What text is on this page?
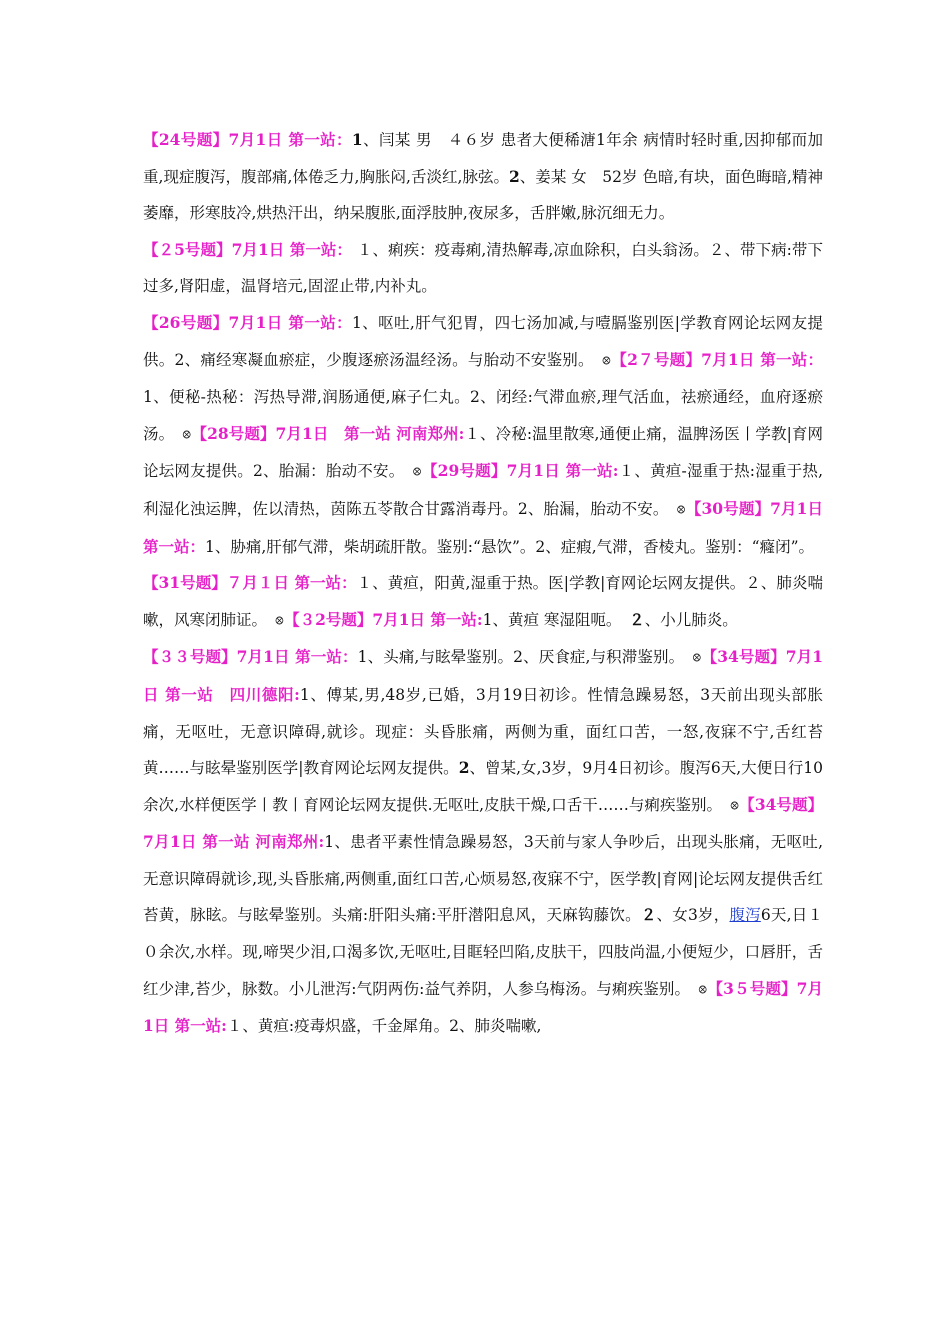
【24号题】7月1日 第一站：1、闫某 男　４６岁 患者大便稀溏1年余 病情时轻时重,因抑郁而加重,现症腹泻，腹部痛,体倦乏力,胸胀闷,舌淡红,脉弦。2、姜某 女　52岁 色暗,有块，面色晦暗,精神萎靡，形寒肢冷,烘热汗出，纳呆腹胀,面浮肢肿,夜尿多，舌胖嫩,脉沉细无力。

【２5号题】7月1日 第一站： １、痢疾：疫毒痢,清热解毒,凉血除积，白头翁汤。２、带下病:带下过多,肾阳虚，温肾培元,固涩止带,内补丸。

【26号题】7月1日 第一站：1、呕吐,肝气犯胃，四七汤加减,与噎膈鉴别医|学教育网论坛网友提供。2、痛经寒凝血瘀症，少腹逐瘀汤温经汤。与胎动不安鉴别。　ꕕ【2７号题】7月1日 第一站：1、便秘-热秘：泻热导滞,润肠通便,麻子仁丸。2、闭经:气滞血瘀,理气活血，祛瘀通经，血府逐瘀汤。　ꕕ【28号题】7月1日　第一站 河南郑州:１、冷秘:温里散寒,通便止痛，温脾汤医丨学教|育网论坛网友提供。2、胎漏：胎动不安。　ꕕ【29号题】7月1日 第一站:１、黄疸-湿重于热:湿重于热,利湿化浊运脾，佐以清热，茵陈五苓散合甘露消毒丹。2、胎漏，胎动不安。　ꕕ【30号题】7月1日 第一站：1、胁痛,肝郁气滞，柴胡疏肝散。鉴别:“悬饮”。2、症瘕,气滞，香棱丸。鉴别：“癃闭”。

【31号题】７月１日 第一站：１、黄疸，阳黄,湿重于热。医|学教|育网论坛网友提供。２、肺炎喘嗽，风寒闭肺证。　ꕕ【３2号题】7月1日 第一站:1、黄疸 寒湿阻呃。　２、小儿肺炎。

【３３号题】7月1日 第一站：1、头痛,与眩晕鉴别。2、厌食症,与积滞鉴别。　ꕕ【34号题】7月1日 第一站　四川德阳:1、傅某,男,48岁,已婚，3月19日初诊。性情急躁易怒，3天前出现头部胀痛，无呕吐，无意识障碍,就诊。现症：头昏胀痛，两侧为重，面红口苦，一怒,夜寐不宁,舌红苔黄……与眩晕鉴别医学|教育网论坛网友提供。2、曾某,女,3岁，9月4日初诊。腹泻6天,大便日行10余次,水样便医学丨教丨育网论坛网友提供.无呕吐,皮肤干燥,口舌干……与痢疾鉴别。　ꕕ【34号题】7月1日 第一站 河南郑州:1、患者平素性情急躁易怒，3天前与家人争吵后，出现头胀痛，无呕吐,无意识障碍就诊,现,头昏胀痛,两侧重,面红口苦,心烦易怒,夜寐不宁，医学教|育网|论坛网友提供舌红苔黄，脉眩。与眩晕鉴别。头痛:肝阳头痛:平肝潜阳息风，天麻钩藤饮。２、女3岁，腹泻6天,日１０余次,水样。现,啼哭少泪,口渴多饮,无呕吐,目眶轻凹陷,皮肤干，四肢尚温,小便短少，口唇肝，舌红少津,苔少，脉数。小儿泄泻:气阴两伤:益气养阴，人参乌梅汤。与痢疾鉴别。　ꕕ【3５号题】7月1日 第一站:１、黄疸:疫毒炽盛，千金犀角。2、肺炎喘嗽,
